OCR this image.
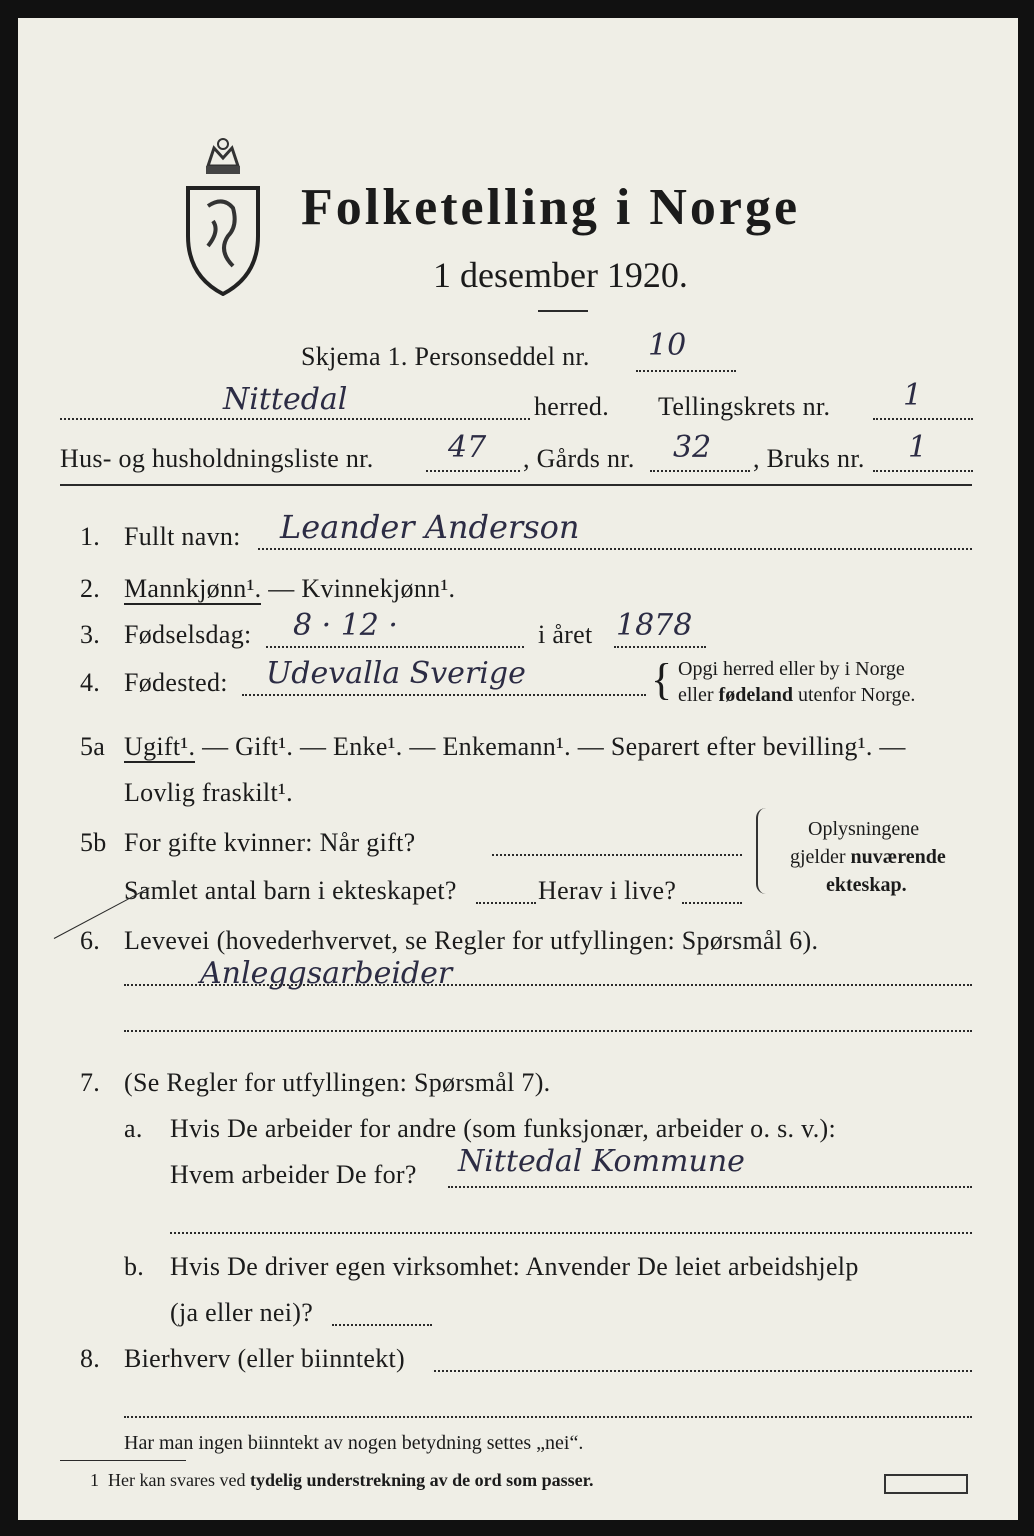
Folketelling i Norge
1 desember 1920.
Skjema 1. Personseddel nr. 10
Nittedal	herred. Tellingskrets nr. 1
Hus- og husholdningsliste nr. 47 , Gårds nr. 32 , Bruks nr. 1
1. Fullt navn: Leander Anderson
2. Mannkjønn¹. — Kvinnekjønn¹.
3. Fødselsdag: 8 · 12 ·	i året 1878
4. Fødested: Udevalla Sverige	{ Opgi herred eller by i Norge
eller fødeland utenfor Norge.
5a Ugift¹. — Gift¹. — Enke¹. — Enkemann¹. — Separert efter bevilling¹. —
Lovlig fraskilt¹.
5b For gifte kvinner: Når gift?
Samlet antal barn i ekteskapet?	Herav i live?
Oplysningene
gjelder nuværende
ekteskap.
6. Levevei (hovederhvervet, se Regler for utfyllingen: Spørsmål 6).
Anleggsarbeider
7. (Se Regler for utfyllingen: Spørsmål 7).
a. Hvis De arbeider for andre (som funksjonær, arbeider o. s. v.):
Hvem arbeider De for? Nittedal Kommune
b. Hvis De driver egen virksomhet: Anvender De leiet arbeidshjelp
(ja eller nei)?
8. Bierhverv (eller biinntekt)
Har man ingen biinntekt av nogen betydning settes „nei“.
1 Her kan svares ved tydelig understrekning av de ord som passer.
